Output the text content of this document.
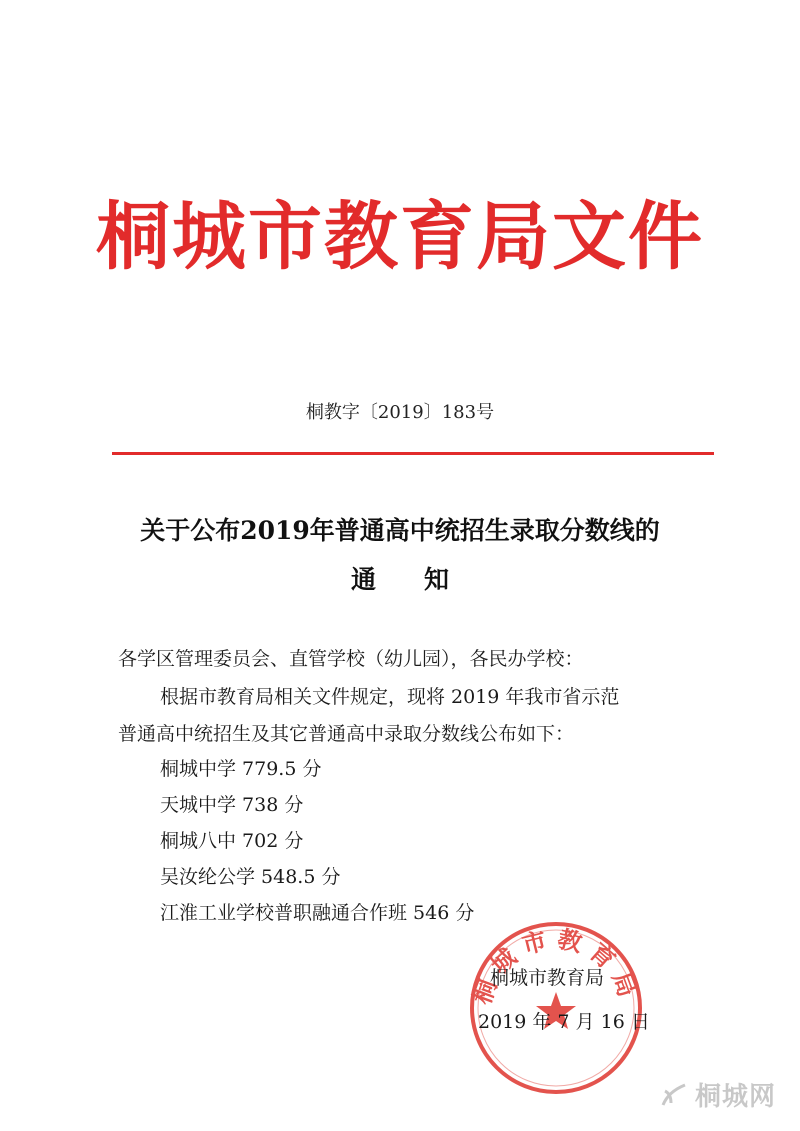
桐城市教育局文件
桐教字〔2019〕183号
关于公布2019年普通高中统招生录取分数线的
通知
各学区管理委员会、直管学校（幼儿园），各民办学校：
根据市教育局相关文件规定，现将 2019 年我市省示范
普通高中统招生及其它普通高中录取分数线公布如下：
桐城中学 779.5 分
天城中学 738 分
桐城八中 702 分
吴汝纶公学 548.5 分
江淮工业学校普职融通合作班 546 分
桐城市教育局
桐城市教育局
2019 年 7 月 16 日
桐城网
